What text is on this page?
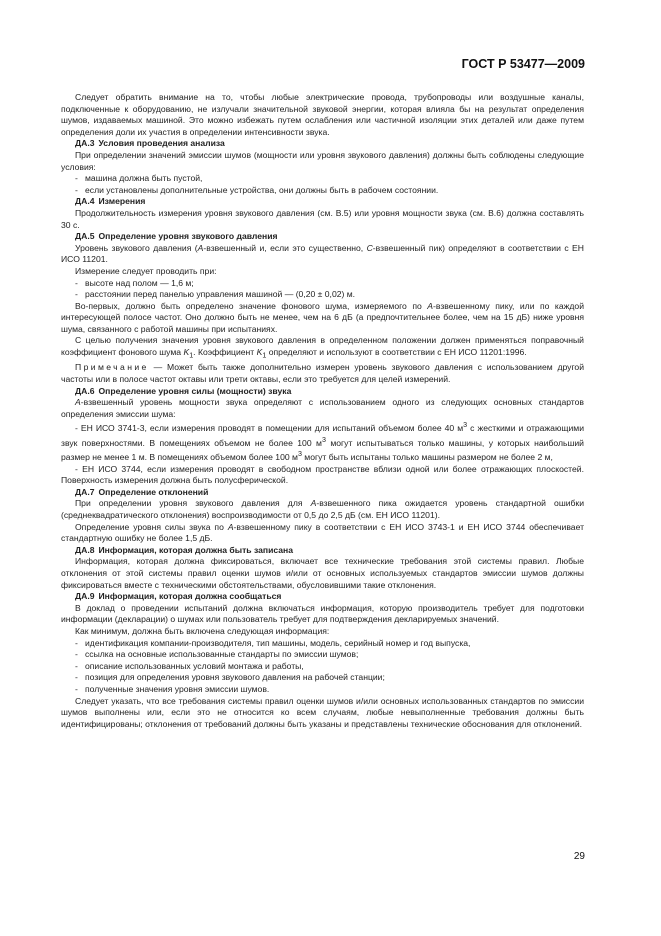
ГОСТ Р 53477—2009

Следует обратить внимание на то, чтобы любые электрические провода, трубопроводы или воздушные каналы, подключенные к оборудованию, не излучали значительной звуковой энергии, которая влияла бы на результат определения шумов, издаваемых машиной. Это можно избежать путем ослабления или частичной изоляции этих деталей или даже путем определения доли их участия в определении интенсивности звука.

ДА.3 Условия проведения анализа

При определении значений эмиссии шумов (мощности или уровня звукового давления) должны быть соблюдены следующие условия:

- машина должна быть пустой,

- если установлены дополнительные устройства, они должны быть в рабочем состоянии.

ДА.4 Измерения

Продолжительность измерения уровня звукового давления (см. В.5) или уровня мощности звука (см. В.6) должна составлять 30 с.

ДА.5 Определение уровня звукового давления

Уровень звукового давления (А-взвешенный и, если это существенно, С-взвешенный пик) определяют в соответствии с ЕН ИСО 11201.

Измерение следует проводить при:

- высоте над полом — 1,6 м;

- расстоянии перед панелью управления машиной — (0,20 ± 0,02) м.

Во-первых, должно быть определено значение фонового шума, измеряемого по А-взвешенному пику, или по каждой интересующей полосе частот. Оно должно быть не менее, чем на 6 дБ (а предпочтительнее более, чем на 15 дБ) ниже уровня шума, связанного с работой машины при испытаниях.

С целью получения значения уровня звукового давления в определенном положении должен применяться поправочный коэффициент фонового шума $K_1$. Коэффициент $K_1$ определяют и используют в соответствии с ЕН ИСО 11201:1996.

Примечание — Может быть также дополнительно измерен уровень звукового давления с использованием другой частоты или в полосе частот октавы или трети октавы, если это требуется для целей измерений.

ДА.6 Определение уровня силы (мощности) звука

А-взвешенный уровень мощности звука определяют с использованием одного из следующих основных стандартов определения эмиссии шума:

- ЕН ИСО 3741-3, если измерения проводят в помещении для испытаний объемом более 40 $м^3$ с жесткими и отражающими звук поверхностями. В помещениях объемом не более 100 $м^3$ могут испытываться только машины, у которых наибольший размер не менее 1 м. В помещениях объемом более 100 $м^3$ могут быть испытаны только машины размером не более 2 м,

- ЕН ИСО 3744, если измерения проводят в свободном пространстве вблизи одной или более отражающих плоскостей. Поверхность измерения должна быть полусферической.

ДА.7 Определение отклонений

При определении уровня звукового давления для А-взвешенного пика ожидается уровень стандартной ошибки (среднеквадратического отклонения) воспроизводимости от 0,5 до 2,5 дБ (см. ЕН ИСО 11201).

Определение уровня силы звука по А-взвешенному пику в соответствии с ЕН ИСО 3743-1 и ЕН ИСО 3744 обеспечивает стандартную ошибку не более 1,5 дБ.

ДА.8 Информация, которая должна быть записана

Информация, которая должна фиксироваться, включает все технические требования этой системы правил. Любые отклонения от этой системы правил оценки шумов и/или от основных используемых стандартов эмиссии шумов должны фиксироваться вместе с техническими обстоятельствами, обусловившими такие отклонения.

ДА.9 Информация, которая должна сообщаться

В доклад о проведении испытаний должна включаться информация, которую производитель требует для подготовки информации (декларации) о шумах или пользователь требует для подтверждения декларируемых значений.

Как минимум, должна быть включена следующая информация:

- идентификация компании-производителя, тип машины, модель, серийный номер и год выпуска,

- ссылка на основные использованные стандарты по эмиссии шумов;

- описание использованных условий монтажа и работы,

- позиция для определения уровня звукового давления на рабочей станции;

- полученные значения уровня эмиссии шумов.

Следует указать, что все требования системы правил оценки шумов и/или основных использованных стандартов по эмиссии шумов выполнены или, если это не относится ко всем случаям, любые невыполненные требования должны быть идентифицированы; отклонения от требований должны быть указаны и представлены технические обоснования для отклонений.

29
